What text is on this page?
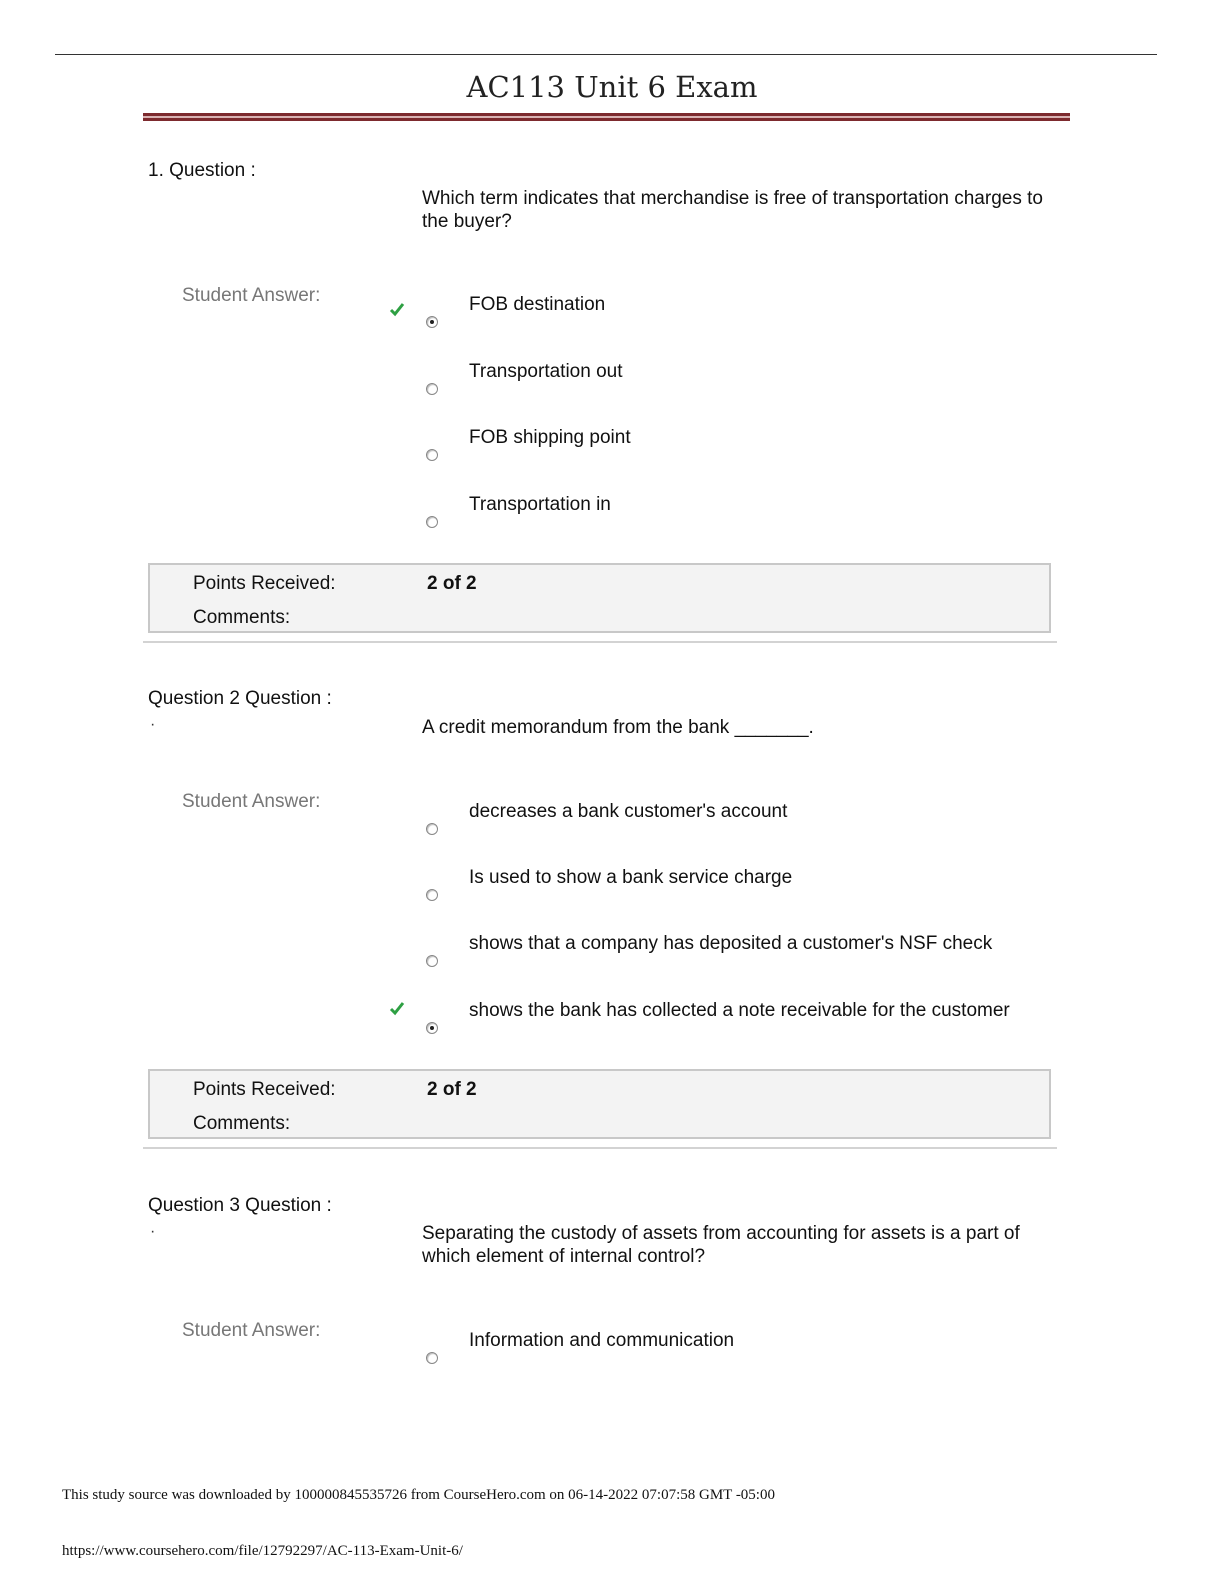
AC113 Unit 6 Exam
1. Question :
Which term indicates that merchandise is free of transportation charges to the buyer?
Student Answer:	FOB destination
Transportation out
FOB shipping point
Transportation in
Points Received:	2 of 2
Comments:
Question 2 Question :
·	A credit memorandum from the bank _______.
Student Answer:	decreases a bank customer's account
Is used to show a bank service charge
shows that a company has deposited a customer's NSF check
shows the bank has collected a note receivable for the customer
Points Received:	2 of 2
Comments:
Question 3 Question :
·	Separating the custody of assets from accounting for assets is a part of which element of internal control?
Student Answer:	Information and communication
This study source was downloaded by 100000845535726 from CourseHero.com on 06-14-2022 07:07:58 GMT -05:00
https://www.coursehero.com/file/12792297/AC-113-Exam-Unit-6/
